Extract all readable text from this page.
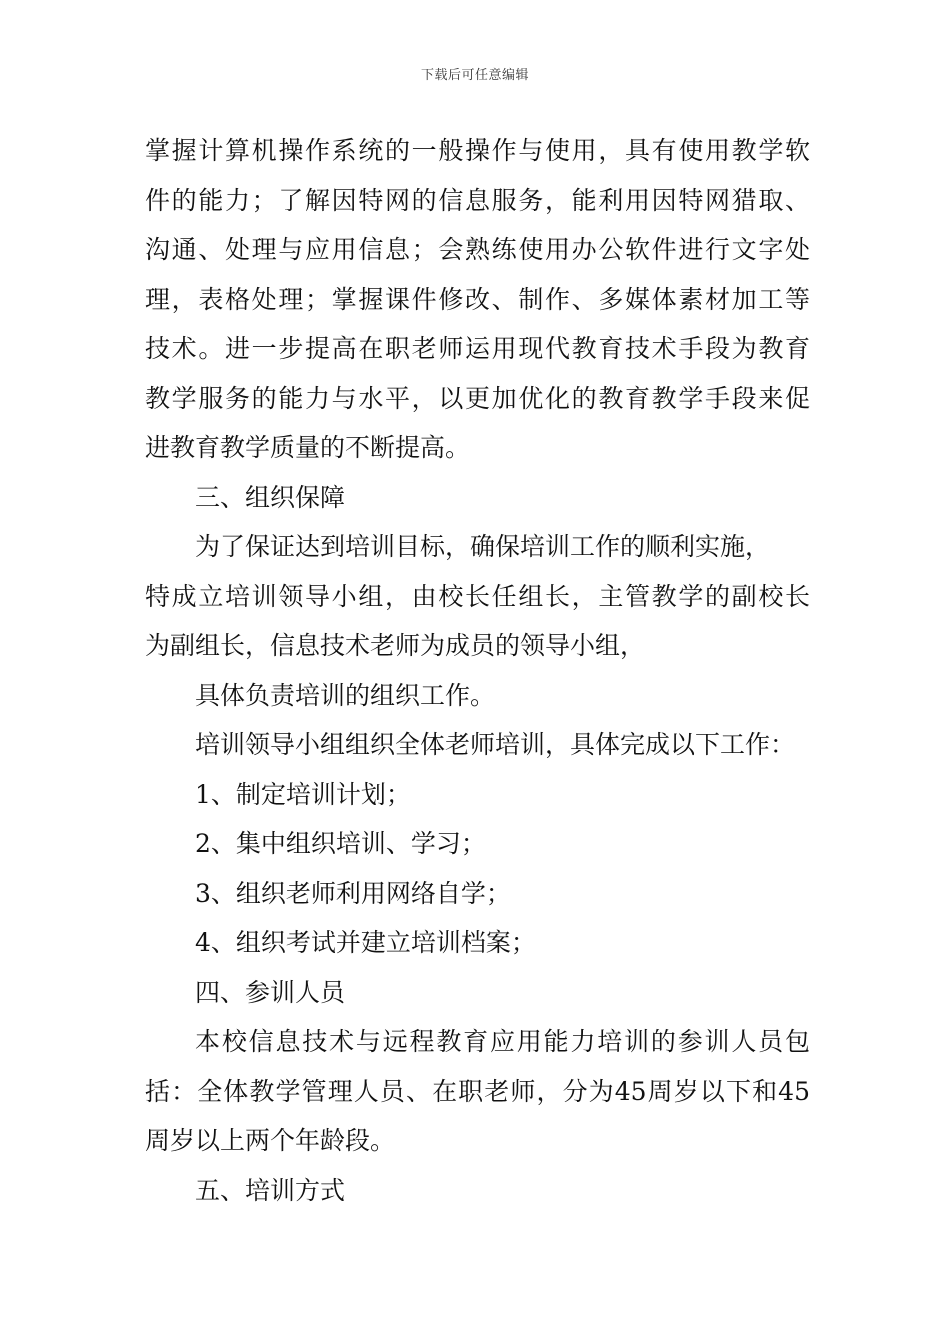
下载后可任意编辑
掌握计算机操作系统的一般操作与使用，具有使用教学软
件的能力；了解因特网的信息服务，能利用因特网猎取、
沟通、处理与应用信息；会熟练使用办公软件进行文字处
理，表格处理；掌握课件修改、制作、多媒体素材加工等
技术。进一步提高在职老师运用现代教育技术手段为教育
教学服务的能力与水平，以更加优化的教育教学手段来促
进教育教学质量的不断提高。
三、组织保障
为了保证达到培训目标，确保培训工作的顺利实施，
特成立培训领导小组，由校长任组长，主管教学的副校长
为副组长，信息技术老师为成员的领导小组，
具体负责培训的组织工作。
培训领导小组组织全体老师培训，具体完成以下工作：
1、制定培训计划；
2、集中组织培训、学习；
3、组织老师利用网络自学；
4、组织考试并建立培训档案；
四、参训人员
本校信息技术与远程教育应用能力培训的参训人员包
括：全体教学管理人员、在职老师，分为45周岁以下和45
周岁以上两个年龄段。
五、培训方式
